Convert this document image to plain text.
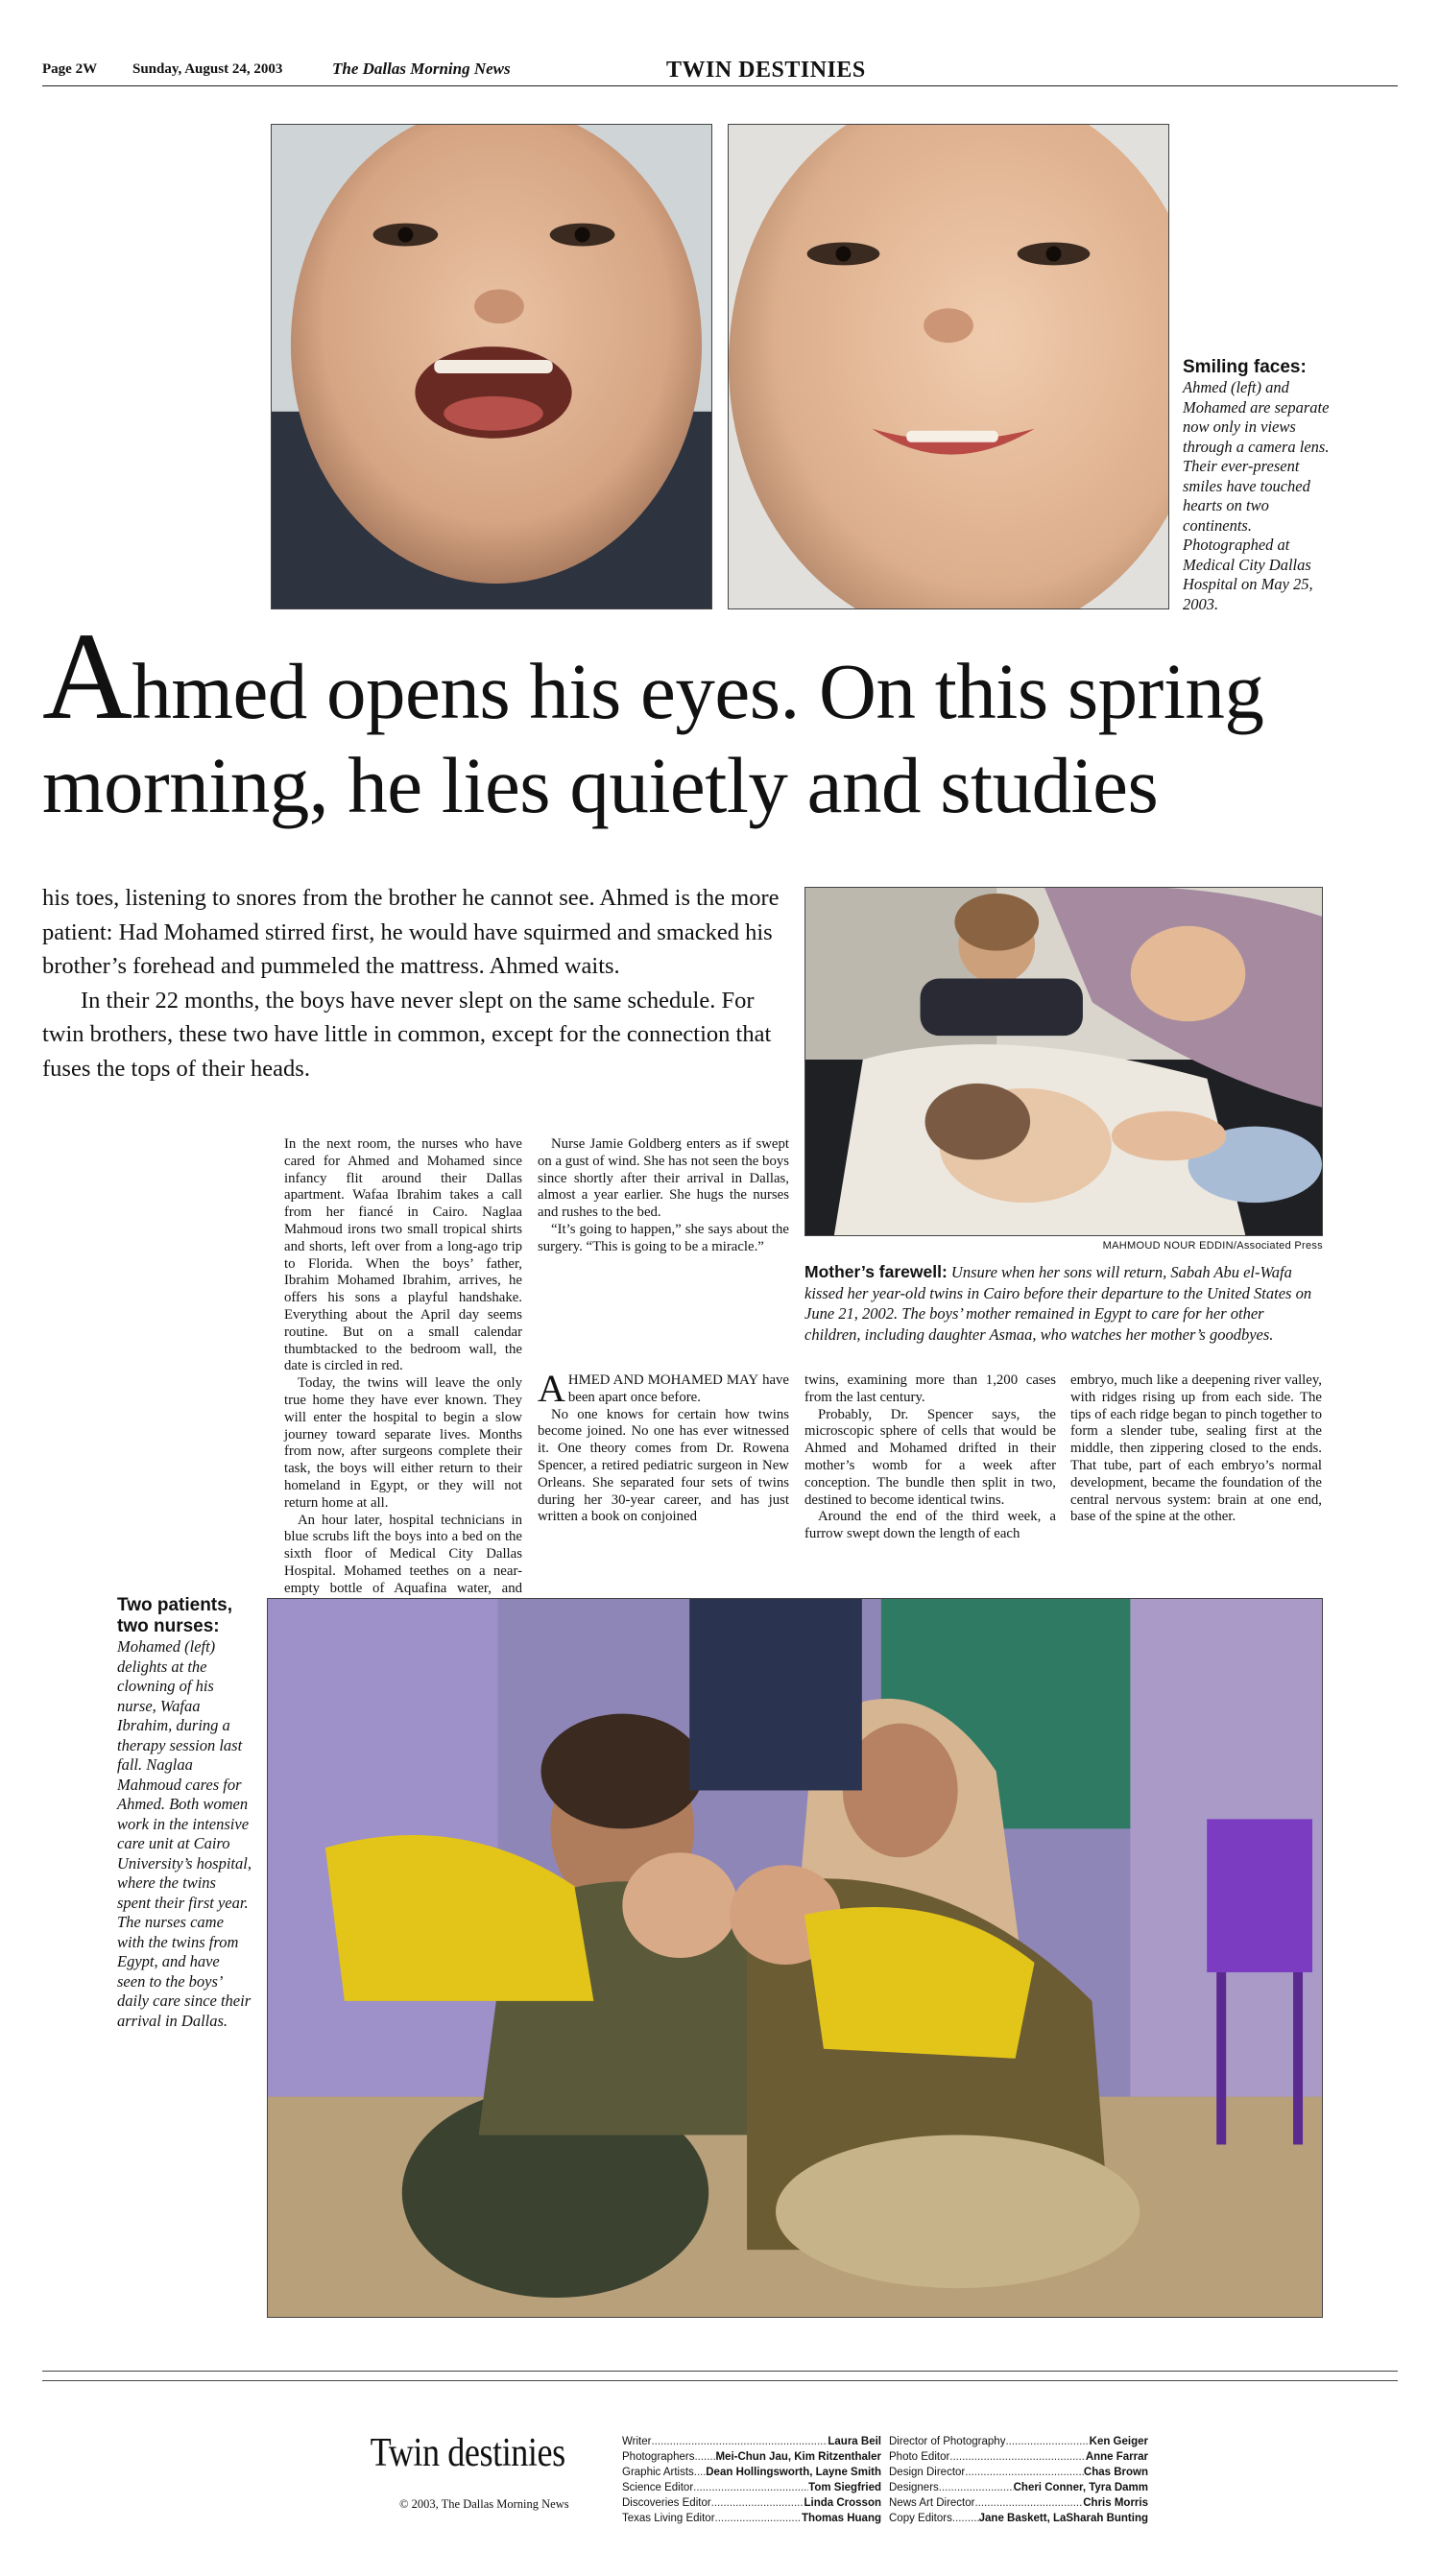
Page 2W Sunday, August 24, 2003	The Dallas Morning News	TWIN DESTINIES
Smiling faces:
Ahmed (left) and Mohamed are separate now only in views through a camera lens. Their ever-present smiles have touched hearts on two continents. Photographed at Medical City Dallas Hospital on May 25, 2003.
Ahmed opens his eyes. On this spring morning, he lies quietly and studies

his toes, listening to snores from the brother he cannot see. Ahmed is the more patient: Had Mohamed stirred first, he would have squirmed and smacked his brother’s forehead and pummeled the mattress. Ahmed waits.

In their 22 months, the boys have never slept on the same schedule. For twin brothers, these two have little in common, except for the connection that fuses the tops of their heads.

MAHMOUD NOUR EDDIN/Associated Press
Mother’s farewell: Unsure when her sons will return, Sabah Abu el-Wafa kissed her year-old twins in Cairo before their departure to the United States on June 21, 2002. The boys’ mother remained in Egypt to care for her other children, including daughter Asmaa, who watches her mother’s goodbyes.

In the next room, the nurses who have cared for Ahmed and Mohamed since infancy flit around their Dallas apartment. Wafaa Ibrahim takes a call from her fiancé in Cairo. Naglaa Mahmoud irons two small tropical shirts and shorts, left over from a long-ago trip to Florida. When the boys’ father, Ibrahim Mohamed Ibrahim, arrives, he offers his sons a playful handshake. Everything about the April day seems routine. But on a small calendar thumbtacked to the bedroom wall, the date is circled in red.

Today, the twins will leave the only true home they have ever known. They will enter the hospital to begin a slow journey toward separate lives. Months from now, after surgeons complete their task, the boys will either return to their homeland in Egypt, or they will not return home at all.

An hour later, hospital technicians in blue scrubs lift the boys into a bed on the sixth floor of Medical City Dallas Hospital. Mohamed teethes on a near-empty bottle of Aquafina water, and

Nurse Jamie Goldberg enters as if swept on a gust of wind. She has not seen the boys since shortly after their arrival in Dallas, almost a year earlier. She hugs the nurses and rushes to the bed.

“It’s going to happen,” she says about the surgery. “This is going to be a miracle.”

AHMED AND MOHAMED MAY have been apart once before.

No one knows for certain how twins become joined. No one has ever witnessed it. One theory comes from Dr. Rowena Spencer, a retired pediatric surgeon in New Orleans. She separated four sets of twins during her 30-year career, and has just written a book on conjoined

twins, examining more than 1,200 cases from the last century.

Probably, Dr. Spencer says, the microscopic sphere of cells that would be Ahmed and Mohamed drifted in their mother’s womb for a week after conception. The bundle then split in two, destined to become identical twins.

Around the end of the third week, a furrow swept down the length of each

embryo, much like a deepening river valley, with ridges rising up from each side. The tips of each ridge began to pinch together to form a slender tube, sealing first at the middle, then zippering closed to the ends. That tube, part of each embryo’s normal development, became the foundation of the central nervous system: brain at one end, base of the spine at the other.

Two patients, two nurses:
Mohamed (left) delights at the clowning of his nurse, Wafaa Ibrahim, during a therapy session last fall. Naglaa Mahmoud cares for Ahmed. Both women work in the intensive care unit at Cairo University’s hospital, where the twins spent their first year. The nurses came with the twins from Egypt, and have seen to the boys’ daily care since their arrival in Dallas.
Twin destinies
© 2003, The Dallas Morning News
Writer .....	Laura Beil
Photographers ..... Mei-Chun Jau, Kim Ritzenthaler
Graphic Artists ..... Dean Hollingsworth, Layne Smith
Science Editor .....	Tom Siegfried
Discoveries Editor .....	Linda Crosson
Texas Living Editor .....	Thomas Huang
Director of Photography .....	Ken Geiger
Photo Editor .....	Anne Farrar
Design Director .....	Chas Brown
Designers .....	Cheri Conner, Tyra Damm
News Art Director .....	Chris Morris
Copy Editors ..... Jane Baskett, LaSharah Bunting
